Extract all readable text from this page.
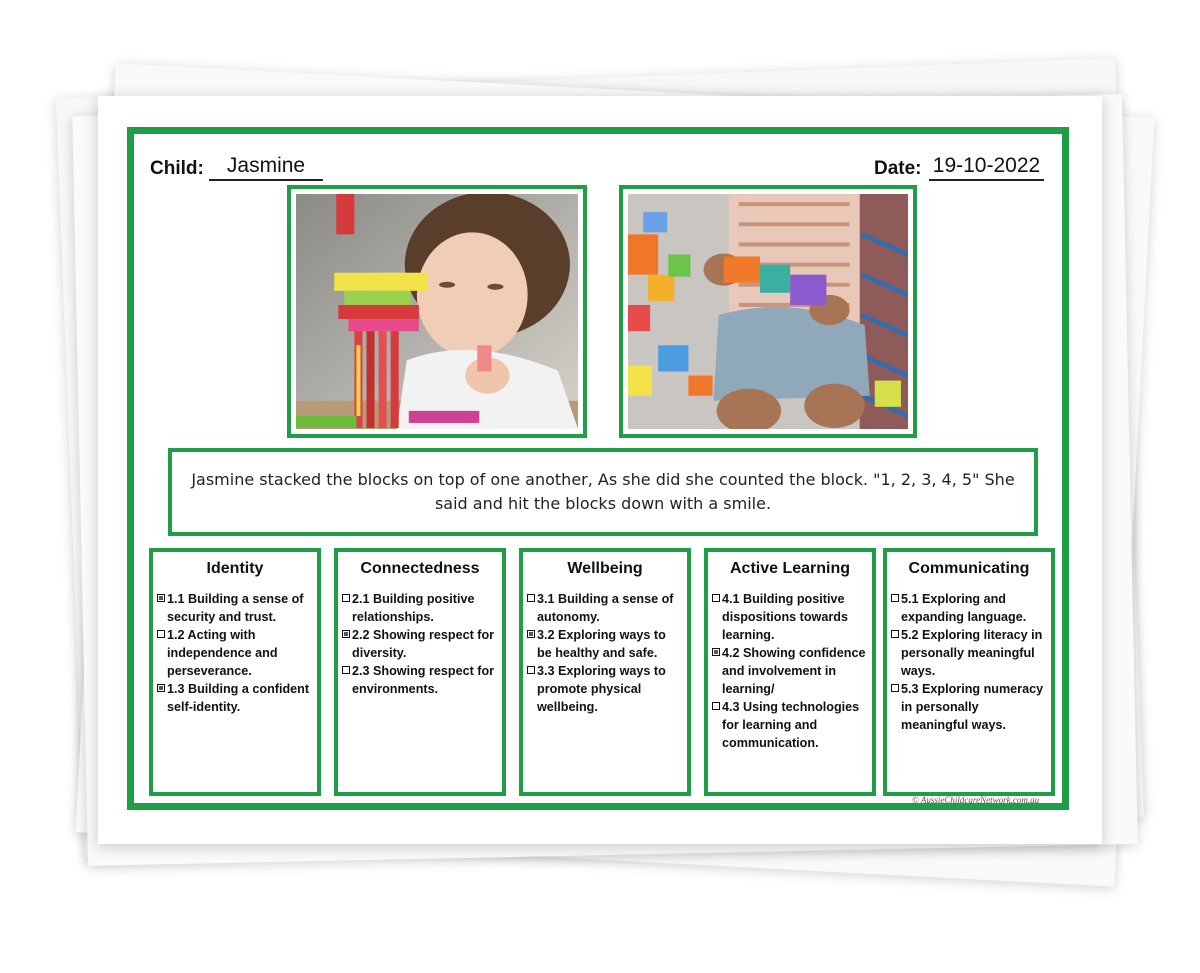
Child:	Jasmine	Date: 19-10-2022
Jasmine stacked the blocks on top of one another, As she did she counted the block. "1, 2, 3, 4, 5" She said and hit the blocks down with a smile.
Identity
1.1 Building a sense of security and trust.
1.2 Acting with independence and perseverance.
1.3 Building a confident self-identity.
Connectedness
2.1 Building positive relationships.
2.2 Showing respect for diversity.
2.3 Showing respect for environments.
Wellbeing
3.1 Building a sense of autonomy.
3.2 Exploring ways to be healthy and safe.
3.3 Exploring ways to promote physical wellbeing.
Active Learning
4.1 Building positive dispositions towards learning.
4.2 Showing confidence and involvement in learning/
4.3 Using technologies for learning and communication.
Communicating
5.1 Exploring and expanding language.
5.2 Exploring literacy in personally meaningful ways.
5.3 Exploring numeracy in personally meaningful ways.
© AussieChildcareNetwork.com.au
